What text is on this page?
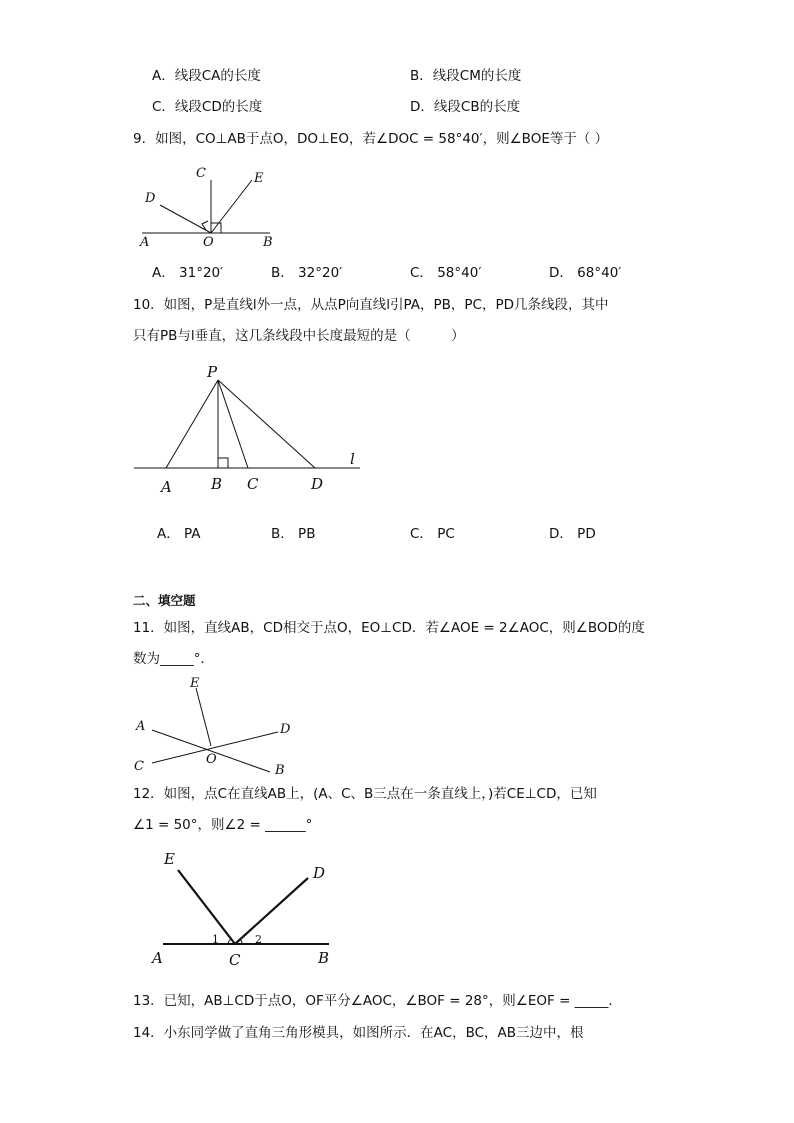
A．线段CA的长度	B．线段CM的长度
C．线段CD的长度	D．线段CB的长度
9．如图，CO⊥AB于点O，DO⊥EO，若∠DOC = 58°40′，则∠BOE等于（ ）
C	E
D
A	O	B
A． 31°20′	B． 32°20′	C． 58°40′	D． 68°40′
10．如图，P是直线l外一点，从点P向直线l引PA，PB，PC，PD几条线段，其中
只有PB与l垂直，这几条线段中长度最短的是（　　　）
P
l
A	B C	D
A． PA	B． PB	C． PC	D． PD
二、填空题
11．如图，直线AB，CD相交于点O，EO⊥CD．若∠AOE = 2∠AOC，则∠BOD的度
数为_____°．
E
A	D
O
C	B
12．如图，点C在直线AB上，(A、C、B三点在一条直线上，)若CE⊥CD，已知
∠1 = 50°，则∠2 = ______°
E
D
1	2
A	C	B
13．已知，AB⊥CD于点O，OF平分∠AOC，∠BOF = 28°，则∠EOF = _____．
14．小东同学做了直角三角形模具，如图所示．在AC，BC，AB三边中，根
